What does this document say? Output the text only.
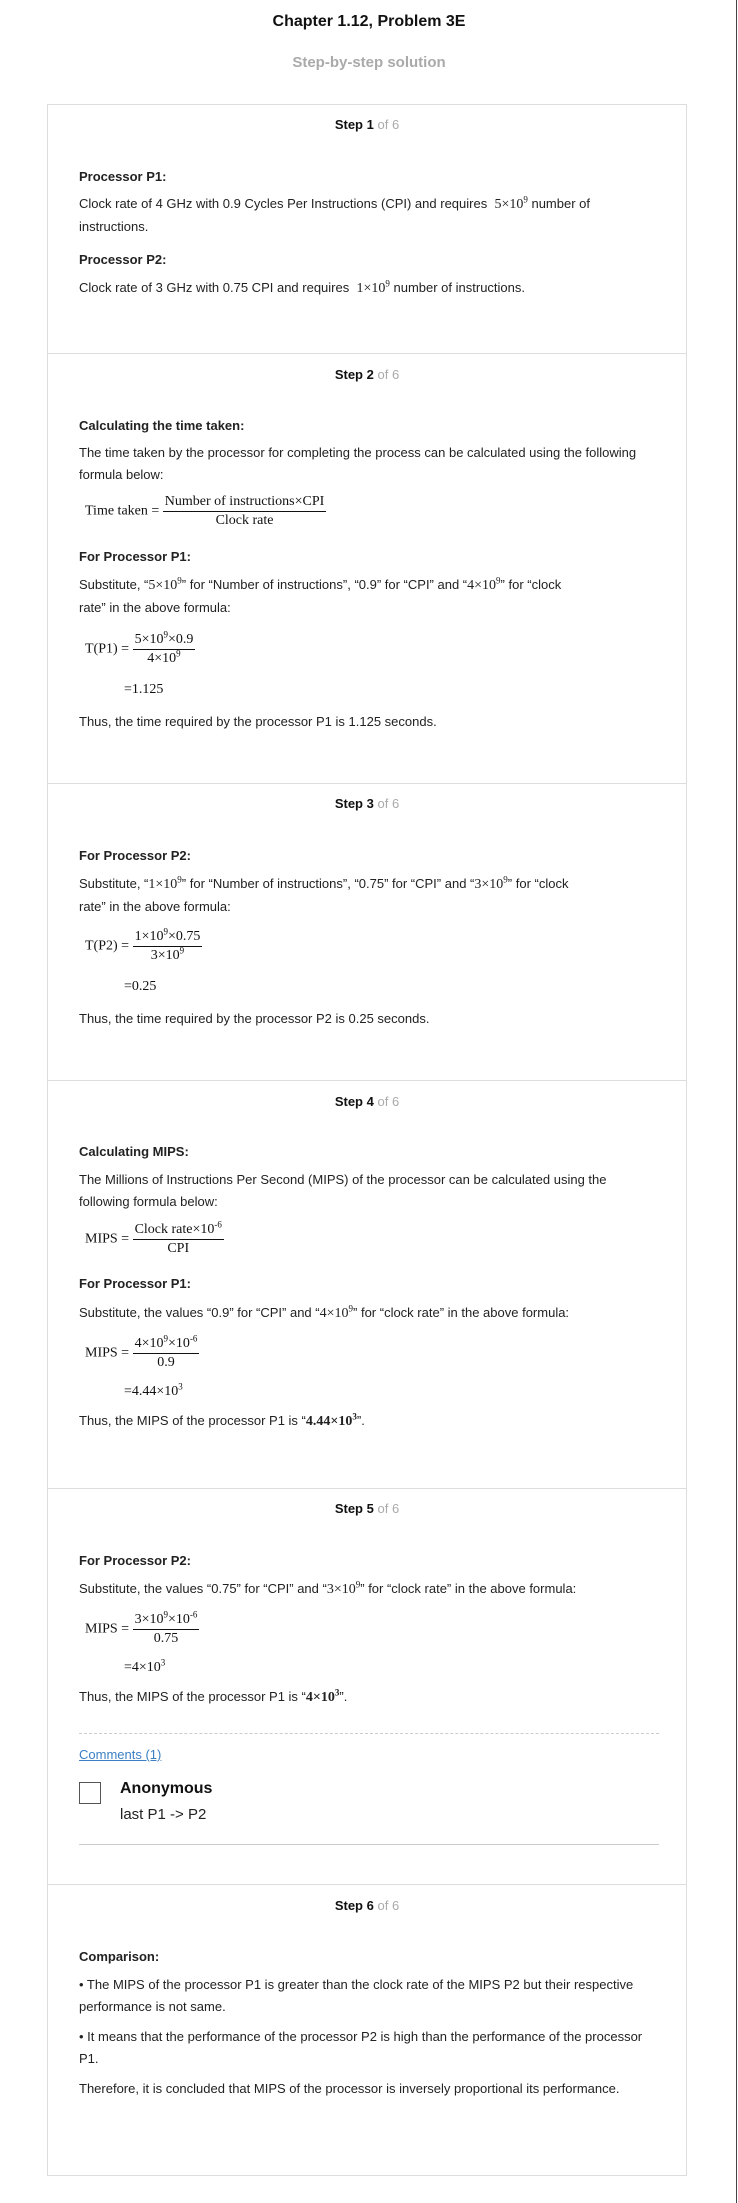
Chapter 1.12, Problem 3E
Step-by-step solution
Step 1 of 6
Processor P1:
Clock rate of 4 GHz with 0.9 Cycles Per Instructions (CPI) and requires $5\times 10^9$ number of
instructions.
Processor P2:
Clock rate of 3 GHz with 0.75 CPI and requires $1\times 10^9$ number of instructions.
Step 2 of 6
Calculating the time taken:
The time taken by the processor for completing the process can be calculated using the following formula below:
Time taken = $\frac{\text{Number of instructions×CPI}}{\text{Clock rate}}$
For Processor P1:
Substitute, “$5\times 10^9$” for “Number of instructions”, “0.9” for “CPI” and “$4\times 10^9$” for “clock
rate” in the above formula:
$T(P1) = \frac{5\times 10^9\times 0.9}{4\times 10^9}$
=1.125
Thus, the time required by the processor P1 is 1.125 seconds.
Step 3 of 6
For Processor P2:
Substitute, “$1\times 10^9$” for “Number of instructions”, “0.75” for “CPI” and “$3\times 10^9$” for “clock
rate” in the above formula:
$T(P2) = \frac{1\times 10^9\times 0.75}{3\times 10^9}$
=0.25
Thus, the time required by the processor P2 is 0.25 seconds.
Step 4 of 6
Calculating MIPS:
The Millions of Instructions Per Second (MIPS) of the processor can be calculated using the following formula below:
MIPS = $\frac{Clock rate\times 10^{-6}}{\text{CPI}}$
For Processor P1:
Substitute, the values “0.9” for “CPI” and “$4\times 10^9$” for “clock rate” in the above formula:
MIPS = $\frac{4\times 10^9\times 10^{-6}}{0.9}$
$=4.44\times 10^3$
Thus, the MIPS of the processor P1 is “$4.44\times 10^3$”.
Step 5 of 6
For Processor P2:
Substitute, the values “0.75” for “CPI” and “$3\times 10^9$” for “clock rate” in the above formula:
MIPS = $\frac{3\times 10^9\times 10^{-6}}{0.75}$
$=4\times 10^3$
Thus, the MIPS of the processor P1 is “$4\times 10^3$”.
Comments (1)
Anonymous
last P1 -> P2
Step 6 of 6
Comparison:
• The MIPS of the processor P1 is greater than the clock rate of the MIPS P2 but their respective performance is not same.
• It means that the performance of the processor P2 is high than the performance of the processor P1.
Therefore, it is concluded that MIPS of the processor is inversely proportional its performance.
